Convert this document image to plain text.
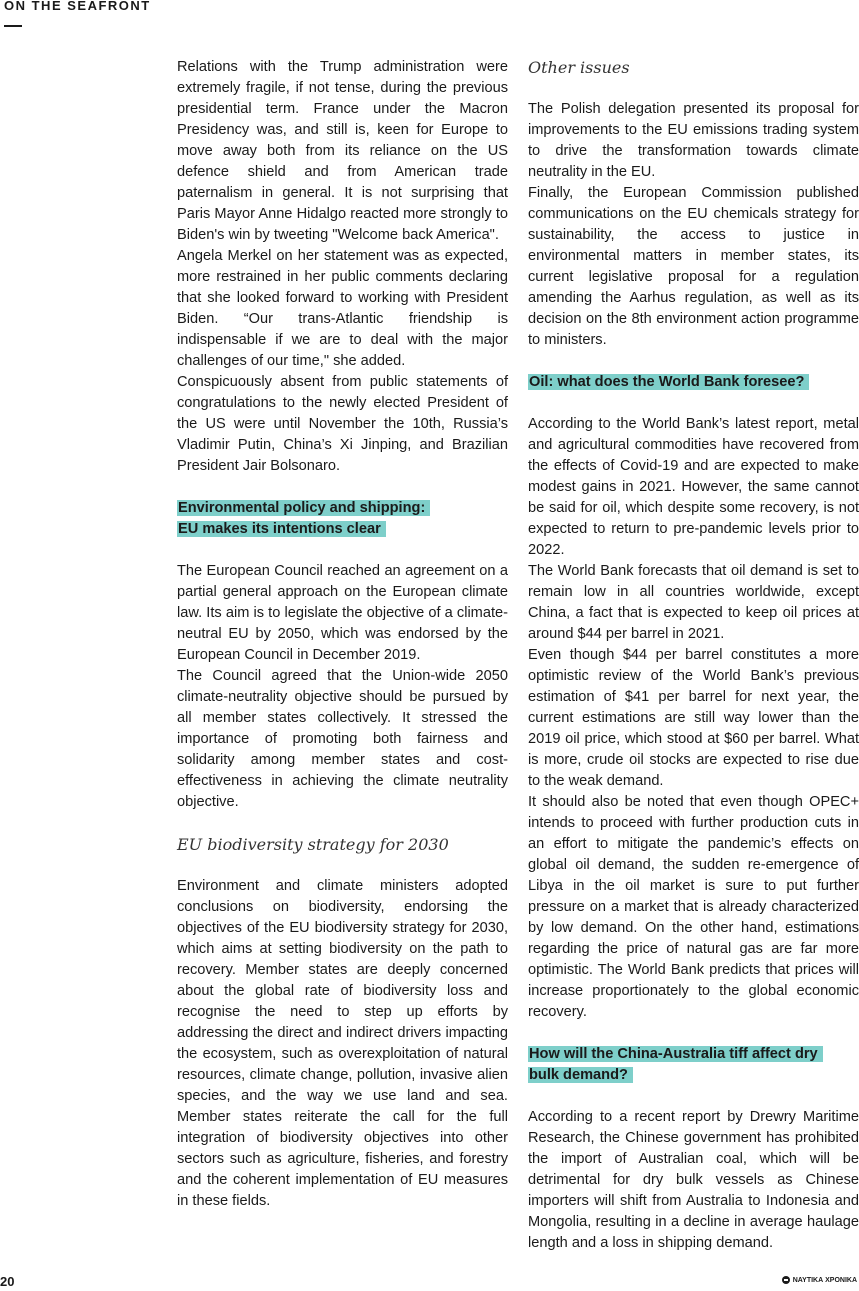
ON THE SEAFRONT

Relations with the Trump administration were extremely fragile, if not tense, during the previous presidential term. France under the Macron Presidency was, and still is, keen for Europe to move away both from its reliance on the US defence shield and from American trade paternalism in general. It is not surprising that Paris Mayor Anne Hidalgo reacted more strongly to Biden's win by tweeting "Welcome back America".

Angela Merkel on her statement was as expected, more restrained in her public comments declaring that she looked forward to working with President Biden. “Our trans-Atlantic friendship is indispensable if we are to deal with the major challenges of our time," she added.

Conspicuously absent from public statements of congratulations to the newly elected President of the US were until November the 10th, Russia’s Vladimir Putin, China’s Xi Jinping, and Brazilian President Jair Bolsonaro.

Environmental policy and shipping:
EU makes its intentions clear

The European Council reached an agreement on a partial general approach on the European climate law. Its aim is to legislate the objective of a climate-neutral EU by 2050, which was endorsed by the European Council in December 2019.

The Council agreed that the Union-wide 2050 climate-neutrality objective should be pursued by all member states collectively. It stressed the importance of promoting both fairness and solidarity among member states and cost-effectiveness in achieving the climate neutrality objective.

EU biodiversity strategy for 2030

Environment and climate ministers adopted conclusions on biodiversity, endorsing the objectives of the EU biodiversity strategy for 2030, which aims at setting biodiversity on the path to recovery. Member states are deeply concerned about the global rate of biodiversity loss and recognise the need to step up efforts by addressing the direct and indirect drivers impacting the ecosystem, such as overexploitation of natural resources, climate change, pollution, invasive alien species, and the way we use land and sea. Member states reiterate the call for the full integration of biodiversity objectives into other sectors such as agriculture, fisheries, and forestry and the coherent implementation of EU measures in these fields.

Other issues

The Polish delegation presented its proposal for improvements to the EU emissions trading system to drive the transformation towards climate neutrality in the EU.

Finally, the European Commission published communications on the EU chemicals strategy for sustainability, the access to justice in environmental matters in member states, its current legislative proposal for a regulation amending the Aarhus regulation, as well as its decision on the 8th environment action programme to ministers.

Oil: what does the World Bank foresee?

According to the World Bank’s latest report, metal and agricultural commodities have recovered from the effects of Covid-19 and are expected to make modest gains in 2021. However, the same cannot be said for oil, which despite some recovery, is not expected to return to pre-pandemic levels prior to 2022.

The World Bank forecasts that oil demand is set to remain low in all countries worldwide, except China, a fact that is expected to keep oil prices at around $44 per barrel in 2021.

Even though $44 per barrel constitutes a more optimistic review of the World Bank’s previous estimation of $41 per barrel for next year, the current estimations are still way lower than the 2019 oil price, which stood at $60 per barrel. What is more, crude oil stocks are expected to rise due to the weak demand.

It should also be noted that even though OPEC+ intends to proceed with further production cuts in an effort to mitigate the pandemic’s effects on global oil demand, the sudden re-emergence of Libya in the oil market is sure to put further pressure on a market that is already characterized by low demand. On the other hand, estimations regarding the price of natural gas are far more optimistic. The World Bank predicts that prices will increase proportionately to the global economic recovery.

How will the China-Australia tiff affect dry
bulk demand?

According to a recent report by Drewry Maritime Research, the Chinese government has prohibited the import of Australian coal, which will be detrimental for dry bulk vessels as Chinese importers will shift from Australia to Indonesia and Mongolia, resulting in a decline in average haulage length and a loss in shipping demand.

20	ΝΑΥΤΙΚΑ ΧΡΟΝΙΚΑ
